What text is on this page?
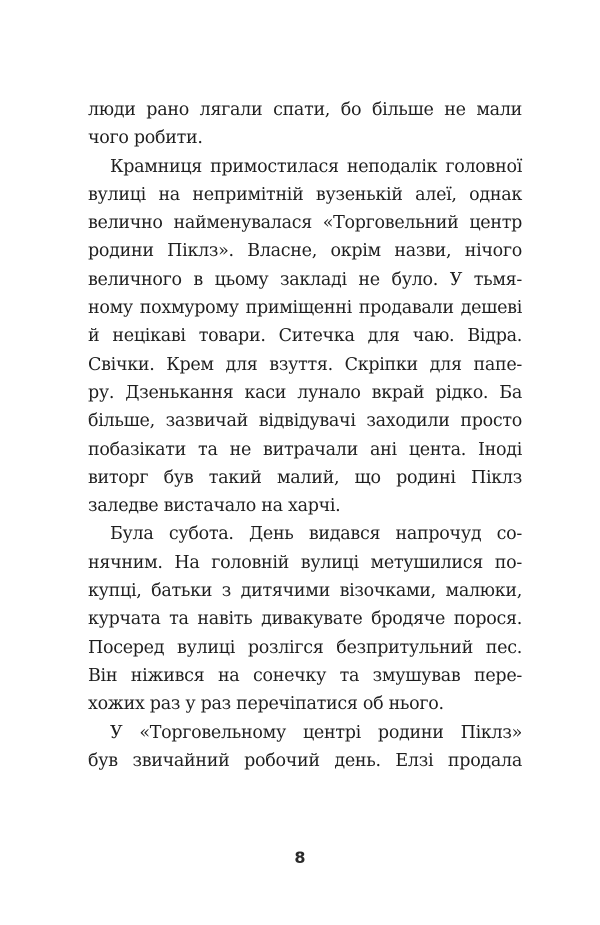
люди рано лягали спати, бо більше не мали
чого робити.
Крамниця примостилася неподалік головної
вулиці на непримітній вузенькій алеї, однак
велично найменувалася «Торговельний центр
родини Піклз». Власне, окрім назви, нічого
величного в цьому закладі не було. У тьмя-
ному похмурому приміщенні продавали дешеві
й нецікаві товари. Ситечка для чаю. Відра.
Свічки. Крем для взуття. Скріпки для папе-
ру. Дзенькання каси лунало вкрай рідко. Ба
більше, зазвичай відвідувачі заходили просто
побазікати та не витрачали ані цента. Іноді
виторг був такий малий, що родині Піклз
заледве вистачало на харчі.
Була субота. День видався напрочуд со-
нячним. На головній вулиці метушилися по-
купці, батьки з дитячими візочками, малюки,
курчата та навіть дивакувате бродяче порося.
Посеред вулиці розлігся безпритульний пес.
Він ніжився на сонечку та змушував пере-
хожих раз у раз перечіпатися об нього.
У «Торговельному центрі родини Піклз»
був звичайний робочий день. Елзі продала
8
